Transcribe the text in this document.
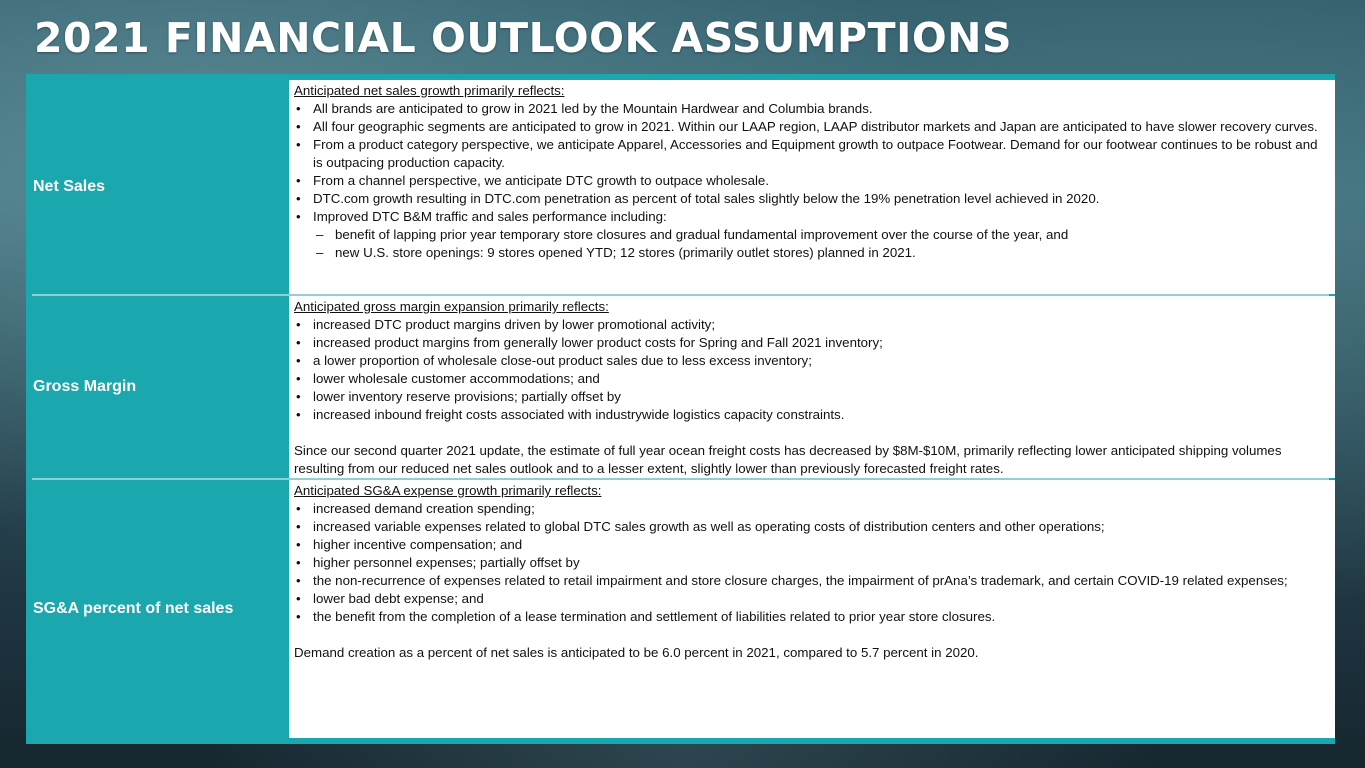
2021 FINANCIAL OUTLOOK ASSUMPTIONS
Net Sales
Anticipated net sales growth primarily reflects:
• All brands are anticipated to grow in 2021 led by the Mountain Hardwear and Columbia brands.
• All four geographic segments are anticipated to grow in 2021. Within our LAAP region, LAAP distributor markets and Japan are anticipated to have slower recovery curves.
• From a product category perspective, we anticipate Apparel, Accessories and Equipment growth to outpace Footwear. Demand for our footwear continues to be robust and is outpacing production capacity.
• From a channel perspective, we anticipate DTC growth to outpace wholesale.
• DTC.com growth resulting in DTC.com penetration as percent of total sales slightly below the 19% penetration level achieved in 2020.
• Improved DTC B&M traffic and sales performance including:
– benefit of lapping prior year temporary store closures and gradual fundamental improvement over the course of the year, and
– new U.S. store openings: 9 stores opened YTD; 12 stores (primarily outlet stores) planned in 2021.
Gross Margin
Anticipated gross margin expansion primarily reflects:
• increased DTC product margins driven by lower promotional activity;
• increased product margins from generally lower product costs for Spring and Fall 2021 inventory;
• a lower proportion of wholesale close-out product sales due to less excess inventory;
• lower wholesale customer accommodations; and
• lower inventory reserve provisions; partially offset by
• increased inbound freight costs associated with industrywide logistics capacity constraints.
Since our second quarter 2021 update, the estimate of full year ocean freight costs has decreased by $8M-$10M, primarily reflecting lower anticipated shipping volumes resulting from our reduced net sales outlook and to a lesser extent, slightly lower than previously forecasted freight rates.
SG&A percent of net sales
Anticipated SG&A expense growth primarily reflects:
• increased demand creation spending;
• increased variable expenses related to global DTC sales growth as well as operating costs of distribution centers and other operations;
• higher incentive compensation; and
• higher personnel expenses; partially offset by
• the non-recurrence of expenses related to retail impairment and store closure charges, the impairment of prAna’s trademark, and certain COVID-19 related expenses;
• lower bad debt expense; and
• the benefit from the completion of a lease termination and settlement of liabilities related to prior year store closures.
Demand creation as a percent of net sales is anticipated to be 6.0 percent in 2021, compared to 5.7 percent in 2020.
